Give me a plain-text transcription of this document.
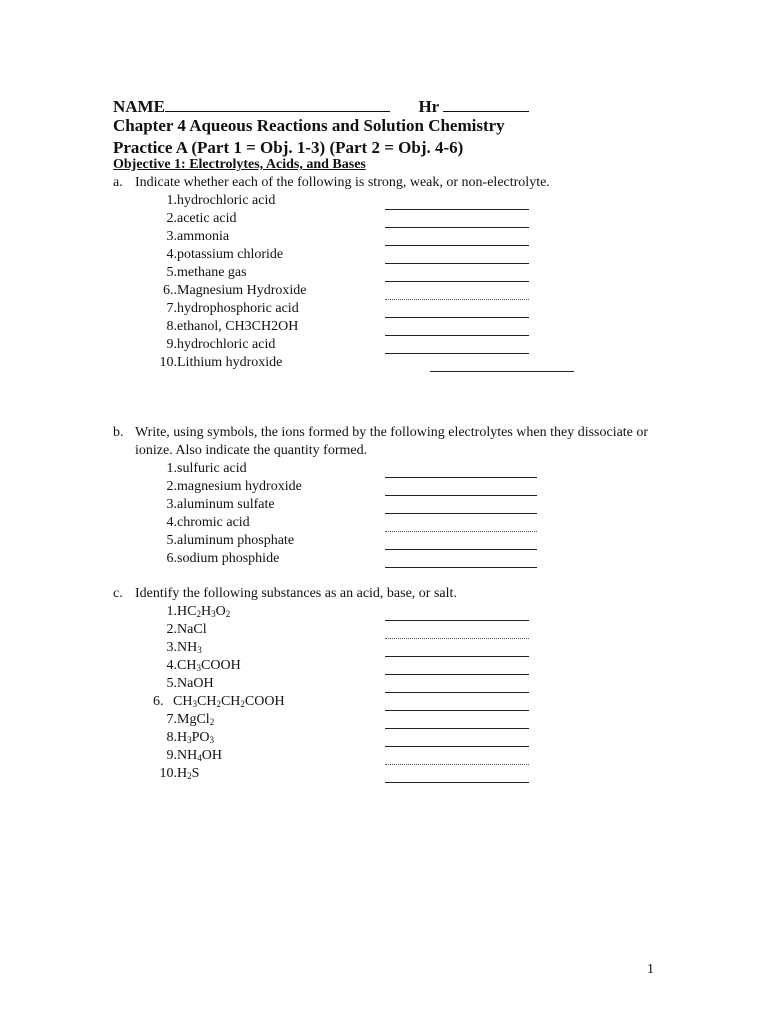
NAME	Hr
Chapter 4 Aqueous Reactions and Solution Chemistry
Practice A (Part 1 = Obj. 1-3) (Part 2 = Obj. 4-6)
Objective 1: Electrolytes, Acids, and Bases
a. Indicate whether each of the following is strong, weak, or non-electrolyte.
1. hydrochloric acid
2. acetic acid
3. ammonia
4. potassium chloride
5. methane gas
6.. Magnesium Hydroxide
7. hydrophosphoric acid
8. ethanol, CH3CH2OH
9. hydrochloric acid
10. Lithium hydroxide
b. Write, using symbols, the ions formed by the following electrolytes when they dissociate or ionize. Also indicate the quantity formed.
1. sulfuric acid
2. magnesium hydroxide
3. aluminum sulfate
4. chromic acid
5. aluminum phosphate
6. sodium phosphide
c. Identify the following substances as an acid, base, or salt.
1. $HC_2H_3O_2$
2. NaCl
3. $NH_3$
4. $CH_3COOH$
5. NaOH
6. $CH_3CH_2CH_2COOH$
7. MgCl$_2$
8. $H_3PO_3$
9. $NH_4OH$
10. $H_2S$
1
